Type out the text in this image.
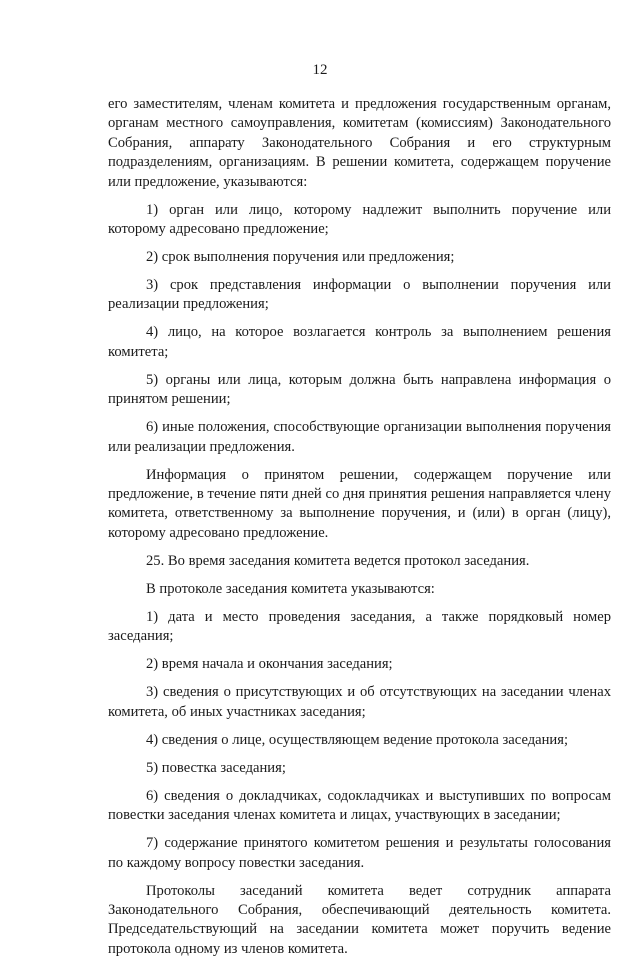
12

его заместителям, членам комитета и предложения государственным органам, органам местного самоуправления, комитетам (комиссиям) Законодательного Собрания, аппарату Законодательного Собрания и его структурным подразделениям, организациям. В решении комитета, содержащем поручение или предложение, указываются:

1) орган или лицо, которому надлежит выполнить поручение или которому адресовано предложение;

2) срок выполнения поручения или предложения;

3) срок представления информации о выполнении поручения или реализации предложения;

4) лицо, на которое возлагается контроль за выполнением решения комитета;

5) органы или лица, которым должна быть направлена информация о принятом решении;

6) иные положения, способствующие организации выполнения поручения или реализации предложения.

Информация о принятом решении, содержащем поручение или предложение, в течение пяти дней со дня принятия решения направляется члену комитета, ответственному за выполнение поручения, и (или) в орган (лицу), которому адресовано предложение.

25. Во время заседания комитета ведется протокол заседания.

В протоколе заседания комитета указываются:

1) дата и место проведения заседания, а также порядковый номер заседания;

2) время начала и окончания заседания;

3) сведения о присутствующих и об отсутствующих на заседании членах комитета, об иных участниках заседания;

4) сведения о лице, осуществляющем ведение протокола заседания;

5) повестка заседания;

6) сведения о докладчиках, содокладчиках и выступивших по вопросам повестки заседания членах комитета и лицах, участвующих в заседании;

7) содержание принятого комитетом решения и результаты голосования по каждому вопросу повестки заседания.

Протоколы заседаний комитета ведет сотрудник аппарата Законодательного Собрания, обеспечивающий деятельность комитета. Председательствующий на заседании комитета может поручить ведение протокола одному из членов комитета.
